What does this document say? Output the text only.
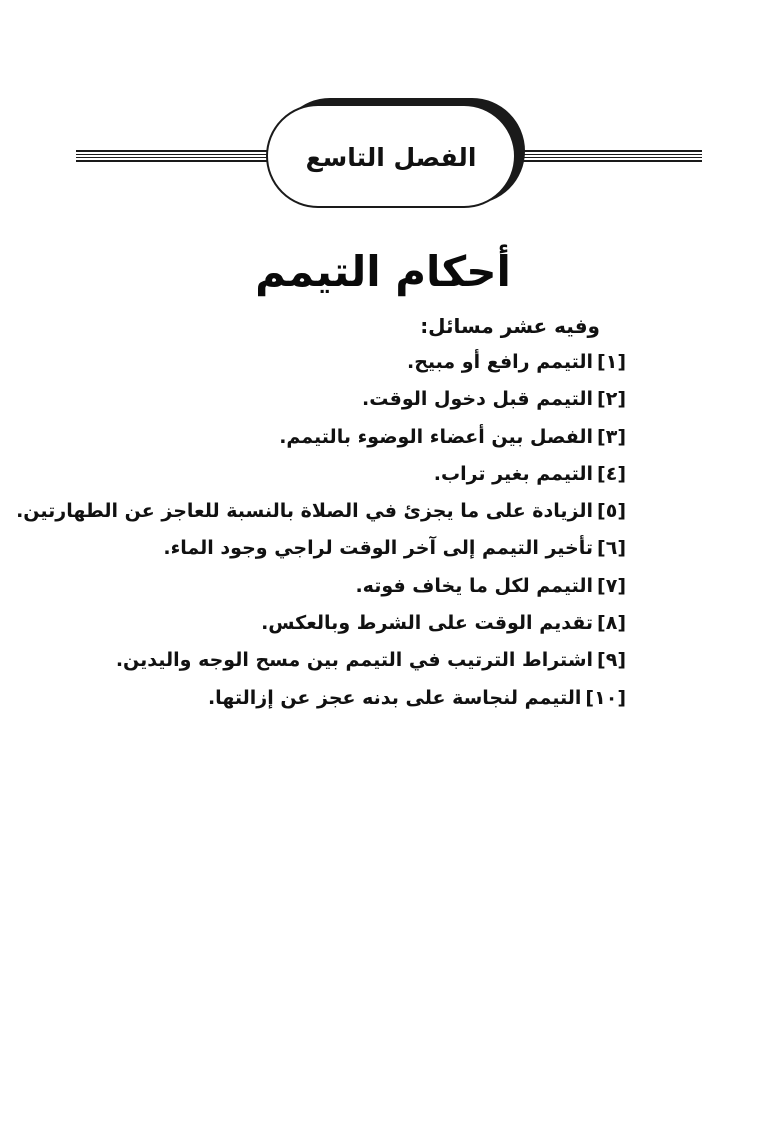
الفصل التاسع
أحكام التيمم
وفيه عشر مسائل:
[١]التيمم رافع أو مبيح.
[٢]التيمم قبل دخول الوقت.
[٣]الفصل بين أعضاء الوضوء بالتيمم.
[٤]التيمم بغير تراب.
[٥]الزيادة على ما يجزئ في الصلاة بالنسبة للعاجز عن الطهارتين.
[٦]تأخير التيمم إلى آخر الوقت لراجي وجود الماء.
[٧]التيمم لكل ما يخاف فوته.
[٨]تقديم الوقت على الشرط وبالعكس.
[٩]اشتراط الترتيب في التيمم بين مسح الوجه واليدين.
[١٠]التيمم لنجاسة على بدنه عجز عن إزالتها.
